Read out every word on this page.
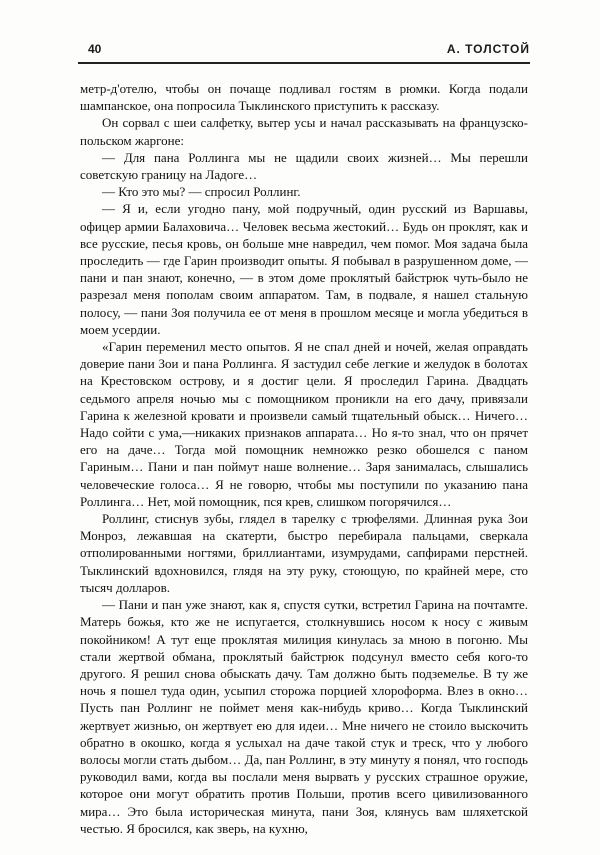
40	А. ТОЛСТОЙ

метр-д'отелю, чтобы он почаще подливал гостям в рюмки. Когда подали шампанское, она попросила Тыклинского приступить к рассказу.

Он сорвал с шеи салфетку, вытер усы и начал рассказывать на французско-польском жаргоне:

— Для пана Роллинга мы не щадили своих жизней… Мы перешли советскую границу на Ладоге…

— Кто это мы? — спросил Роллинг.

— Я и, если угодно пану, мой подручный, один русский из Варшавы, офицер армии Балаховича… Человек весьма жестокий… Будь он проклят, как и все русские, песья кровь, он больше мне навредил, чем помог. Моя задача была проследить — где Гарин производит опыты. Я побывал в разрушенном доме, — пани и пан знают, конечно, — в этом доме проклятый байстрюк чуть-было не разрезал меня пополам своим аппаратом. Там, в подвале, я нашел стальную полосу, — пани Зоя получила ее от меня в прошлом месяце и могла убедиться в моем усердии.

«Гарин переменил место опытов. Я не спал дней и ночей, желая оправдать доверие пани Зои и пана Роллинга. Я застудил себе легкие и желудок в болотах на Крестовском острову, и я достиг цели. Я проследил Гарина. Двадцать седьмого апреля ночью мы с помощником проникли на его дачу, привязали Гарина к железной кровати и произвели самый тщательный обыск… Ничего… Надо сойти с ума,—никаких признаков аппарата… Но я-то знал, что он прячет его на даче… Тогда мой помощник немножко резко обошелся с паном Гариным… Пани и пан поймут наше волнение… Заря занималась, слышались человеческие голоса… Я не говорю, чтобы мы поступили по указанию пана Роллинга… Нет, мой помощник, пся крев, слишком погорячился…

Роллинг, стиснув зубы, глядел в тарелку с трюфелями. Длинная рука Зои Монроз, лежавшая на скатерти, быстро перебирала пальцами, сверкала отполированными ногтями, бриллиантами, изумрудами, сапфирами перстней. Тыклинский вдохновился, глядя на эту руку, стоющую, по крайней мере, сто тысяч долларов.

— Пани и пан уже знают, как я, спустя сутки, встретил Гарина на почтамте. Матерь божья, кто же не испугается, столкнувшись носом к носу с живым покойником! А тут еще проклятая милиция кинулась за мною в погоню. Мы стали жертвой обмана, проклятый байстрюк подсунул вместо себя кого-то другого. Я решил снова обыскать дачу. Там должно быть подземелье. В ту же ночь я пошел туда один, усыпил сторожа порцией хлороформа. Влез в окно… Пусть пан Роллинг не поймет меня как-нибудь криво… Когда Тыклинский жертвует жизнью, он жертвует ею для идеи… Мне ничего не стоило выскочить обратно в окошко, когда я услыхал на даче такой стук и треск, что у любого волосы могли стать дыбом… Да, пан Роллинг, в эту минуту я понял, что господь руководил вами, когда вы послали меня вырвать у русских страшное оружие, которое они могут обратить против Польши, против всего цивилизованного мира… Это была историческая минута, пани Зоя, клянусь вам шляхетской честью. Я бросился, как зверь, на кухню,
